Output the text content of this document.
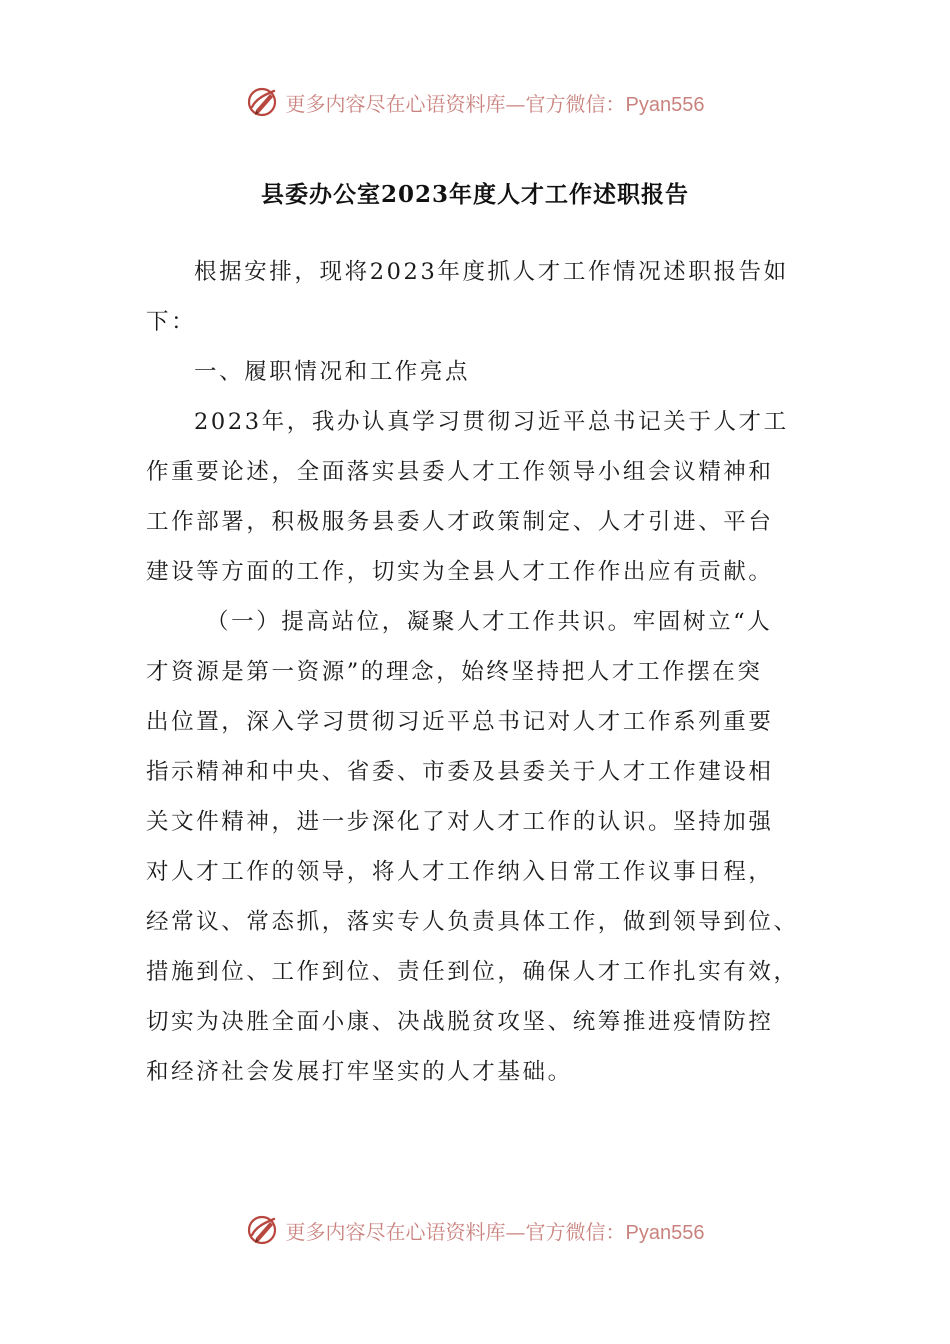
更多内容尽在心语资料库—官方微信：Pyan556
县委办公室2023年度人才工作述职报告
根据安排，现将2023年度抓人才工作情况述职报告如
下：
一、履职情况和工作亮点
2023年，我办认真学习贯彻习近平总书记关于人才工
作重要论述，全面落实县委人才工作领导小组会议精神和
工作部署，积极服务县委人才政策制定、人才引进、平台
建设等方面的工作，切实为全县人才工作作出应有贡献。
（一）提高站位，凝聚人才工作共识。牢固树立“人
才资源是第一资源”的理念，始终坚持把人才工作摆在突
出位置，深入学习贯彻习近平总书记对人才工作系列重要
指示精神和中央、省委、市委及县委关于人才工作建设相
关文件精神，进一步深化了对人才工作的认识。坚持加强
对人才工作的领导，将人才工作纳入日常工作议事日程，
经常议、常态抓，落实专人负责具体工作，做到领导到位、
措施到位、工作到位、责任到位，确保人才工作扎实有效，
切实为决胜全面小康、决战脱贫攻坚、统筹推进疫情防控
和经济社会发展打牢坚实的人才基础。
更多内容尽在心语资料库—官方微信：Pyan556
